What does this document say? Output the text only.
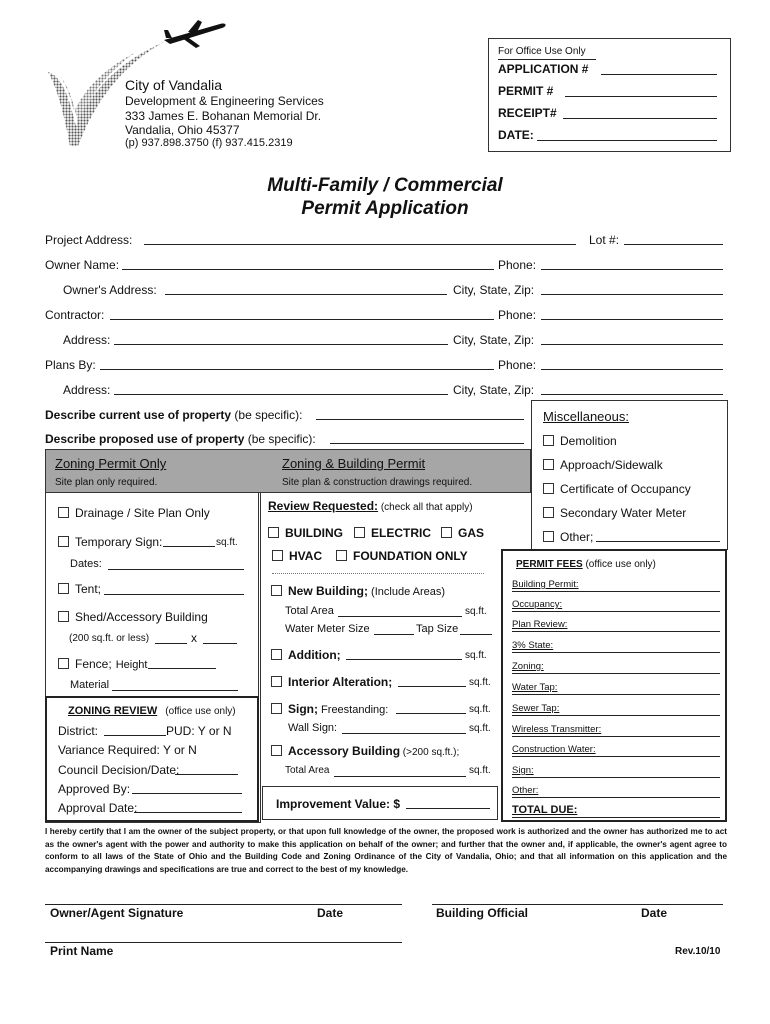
City of Vandalia
Development & Engineering Services
333 James E. Bohanan Memorial Dr.
Vandalia, Ohio 45377
(p) 937.898.3750 (f) 937.415.2319
For Office Use Only
APPLICATION #
PERMIT #
RECEIPT#
DATE:
Multi-Family / Commercial
Permit Application
Project Address:	Lot #:
Owner Name:	Phone:
Owner's Address:	City, State, Zip:
Contractor:	Phone:
Address:	City, State, Zip:
Plans By:	Phone:
Address:	City, State, Zip:
Describe current use of property (be specific):
Describe proposed use of property (be specific):
Zoning Permit Only
Site plan only required.
Zoning & Building Permit
Site plan & construction drawings required.
Miscellaneous:
Demolition
Approach/Sidewalk
Certificate of Occupancy
Secondary Water Meter
Other;
Drainage / Site Plan Only
Temporary Sign:	sq.ft.
Dates:
Tent;
Shed/Accessory Building
(200 sq.ft. or less)	x
Fence; Height
Material
ZONING REVIEW (office use only)
District:	PUD: Y or N
Variance Required: Y or N
Council Decision/Date:
Approved By:
Approval Date:
Review Requested: (check all that apply)
BUILDING	ELECTRIC	GAS
HVAC	FOUNDATION ONLY
New Building; (Include Areas)
Total Area	sq.ft.
Water Meter Size	Tap Size
Addition;	sq.ft.
Interior Alteration;	sq.ft.
Sign; Freestanding:	sq.ft.
Wall Sign:	sq.ft.
Accessory Building (>200 sq.ft.);
Total Area	sq.ft.
Improvement Value: $
PERMIT FEES (office use only)
Building Permit:
Occupancy:
Plan Review:
3% State:
Zoning:
Water Tap:
Sewer Tap:
Wireless Transmitter:
Construction Water:
Sign:
Other:
TOTAL DUE:
I hereby certify that I am the owner of the subject property, or that upon full knowledge of the owner, the proposed work is authorized and the owner has authorized me to act as the owner's agent with the power and authority to make this application on behalf of the owner; and further that the owner and, if applicable, the owner's agent agree to conform to all laws of the State of Ohio and the Building Code and Zoning Ordinance of the City of Vandalia, Ohio; and that all information on this application and the accompanying drawings and specifications are true and correct to the best of my knowledge.
Owner/Agent Signature	Date	Building Official	Date
Print Name	Rev.10/10
